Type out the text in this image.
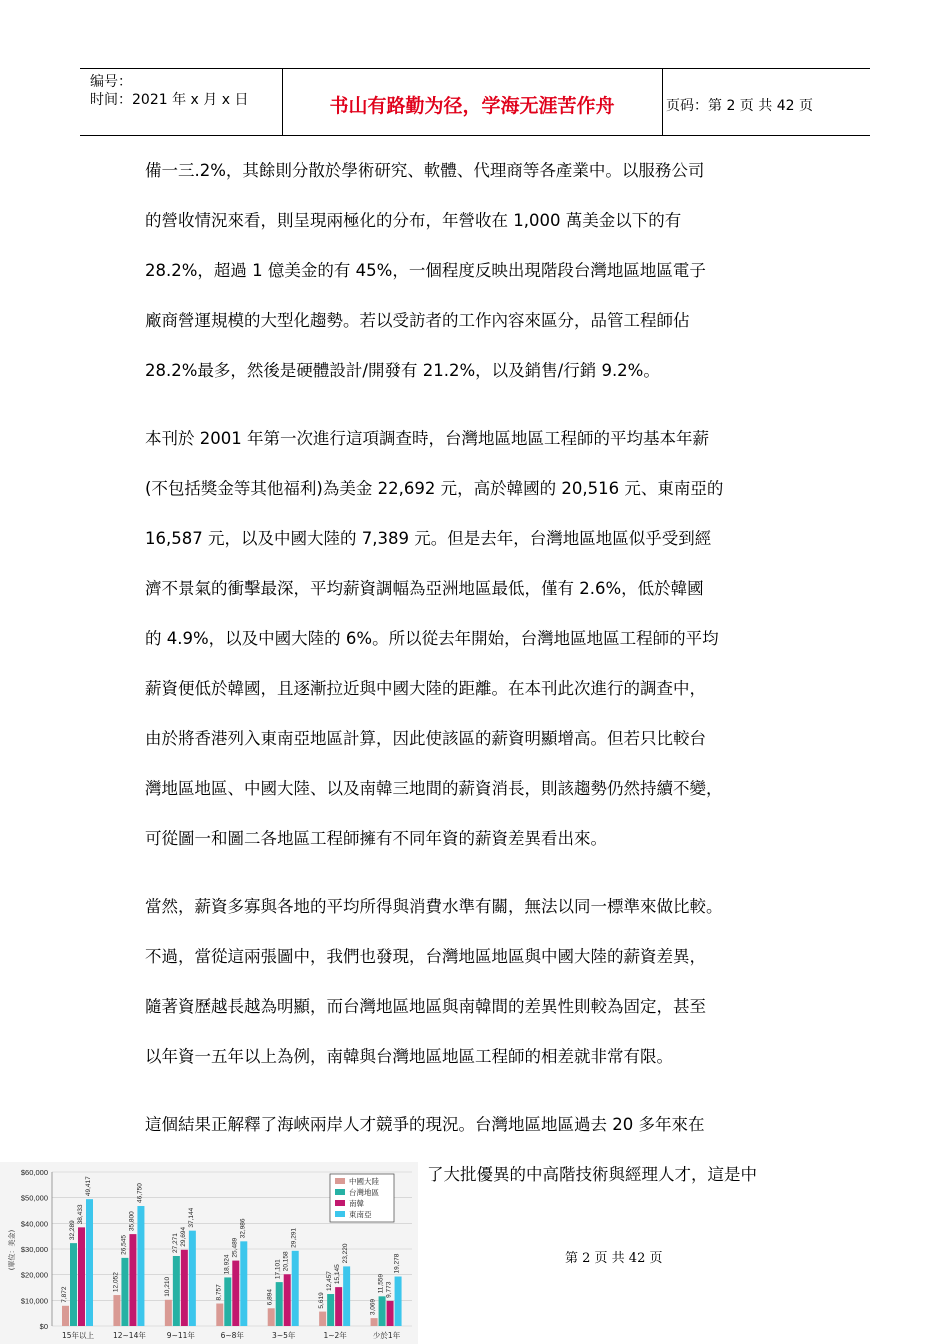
编号：
时间：2021 年 x 月 x 日	书山有路勤为径，学海无涯苦作舟	页码：第 2 页 共 42 页

備一三.2%，其餘則分散於學術研究、軟體、代理商等各產業中。以服務公司

的營收情況來看，則呈現兩極化的分布，年營收在 1,000 萬美金以下的有

28.2%，超過 1 億美金的有 45%，一個程度反映出現階段台灣地區地區電子

廠商營運規模的大型化趨勢。若以受訪者的工作內容來區分，品管工程師佔

28.2%最多，然後是硬體設計/開發有 21.2%，以及銷售/行銷 9.2%。

本刊於 2001 年第一次進行這項調查時，台灣地區地區工程師的平均基本年薪

(不包括獎金等其他福利)為美金 22,692 元，高於韓國的 20,516 元、東南亞的

16,587 元，以及中國大陸的 7,389 元。但是去年，台灣地區地區似乎受到經

濟不景氣的衝擊最深，平均薪資調幅為亞洲地區最低，僅有 2.6%，低於韓國

的 4.9%，以及中國大陸的 6%。所以從去年開始，台灣地區地區工程師的平均

薪資便低於韓國，且逐漸拉近與中國大陸的距離。在本刊此次進行的調查中，

由於將香港列入東南亞地區計算，因此使該區的薪資明顯增高。但若只比較台

灣地區地區、中國大陸、以及南韓三地間的薪資消長，則該趨勢仍然持續不變，

可從圖一和圖二各地區工程師擁有不同年資的薪資差異看出來。

當然，薪資多寡與各地的平均所得與消費水準有關，無法以同一標準來做比較。

不過，當從這兩張圖中，我們也發現，台灣地區地區與中國大陸的薪資差異，

隨著資歷越長越為明顯，而台灣地區地區與南韓間的差異性則較為固定，甚至

以年資一五年以上為例，南韓與台灣地區地區工程師的相差就非常有限。

這個結果正解釋了海峽兩岸人才競爭的現況。台灣地區地區過去 20 多年來在

了大批優異的中高階技術與經理人才，這是中

$0
$10,000
$20,000
$30,000
$40,000
$50,000
$60,000
(單位：美金)
7,872
32,289
38,433
49,417
15年以上
12,052
26,545
35,800
46,750
12~14年
10,210
27,271 29,694
37,144
9~11年
8,757
18,924
25,489
32,986
6~8年
6,894
17,101 20,158
29,291
3~5年
5,619
12,457 15,145
23,220
1~2年
3,069
11,559 9,773
19,278
少於1年
中國大陸
台灣地區
南韓
東南亞
第 2 页 共 42 页
